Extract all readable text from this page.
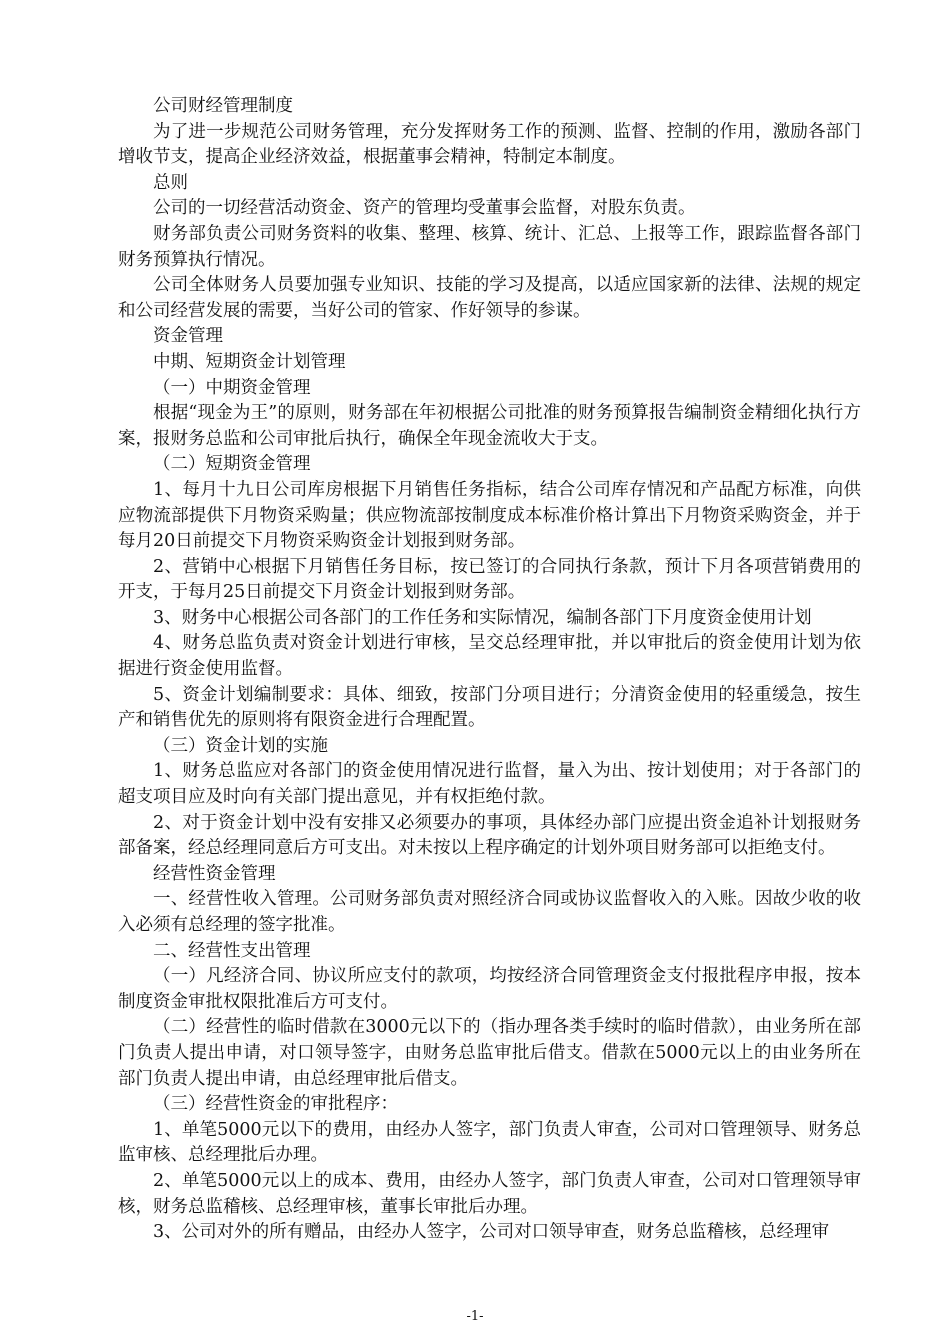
公司财经管理制度

为了进一步规范公司财务管理，充分发挥财务工作的预测、监督、控制的作用，激励各部门增收节支，提高企业经济效益，根据董事会精神，特制定本制度。

总则

公司的一切经营活动资金、资产的管理均受董事会监督，对股东负责。

财务部负责公司财务资料的收集、整理、核算、统计、汇总、上报等工作，跟踪监督各部门财务预算执行情况。

公司全体财务人员要加强专业知识、技能的学习及提高，以适应国家新的法律、法规的规定和公司经营发展的需要，当好公司的管家、作好领导的参谋。

资金管理

中期、短期资金计划管理

（一）中期资金管理

根据“现金为王”的原则，财务部在年初根据公司批准的财务预算报告编制资金精细化执行方案，报财务总监和公司审批后执行，确保全年现金流收大于支。

（二）短期资金管理

1、每月十九日公司库房根据下月销售任务指标，结合公司库存情况和产品配方标准，向供应物流部提供下月物资采购量；供应物流部按制度成本标准价格计算出下月物资采购资金，并于每月20日前提交下月物资采购资金计划报到财务部。

2、营销中心根据下月销售任务目标，按已签订的合同执行条款，预计下月各项营销费用的开支，于每月25日前提交下月资金计划报到财务部。

3、财务中心根据公司各部门的工作任务和实际情况，编制各部门下月度资金使用计划

4、财务总监负责对资金计划进行审核，呈交总经理审批，并以审批后的资金使用计划为依据进行资金使用监督。

5、资金计划编制要求：具体、细致，按部门分项目进行；分清资金使用的轻重缓急，按生产和销售优先的原则将有限资金进行合理配置。

（三）资金计划的实施

1、财务总监应对各部门的资金使用情况进行监督，量入为出、按计划使用；对于各部门的超支项目应及时向有关部门提出意见，并有权拒绝付款。

2、对于资金计划中没有安排又必须要办的事项，具体经办部门应提出资金追补计划报财务部备案，经总经理同意后方可支出。对未按以上程序确定的计划外项目财务部可以拒绝支付。

经营性资金管理

一、经营性收入管理。公司财务部负责对照经济合同或协议监督收入的入账。因故少收的收入必须有总经理的签字批准。

二、经营性支出管理

（一）凡经济合同、协议所应支付的款项，均按经济合同管理资金支付报批程序申报，按本制度资金审批权限批准后方可支付。

（二）经营性的临时借款在3000元以下的（指办理各类手续时的临时借款），由业务所在部门负责人提出申请，对口领导签字，由财务总监审批后借支。借款在5000元以上的由业务所在部门负责人提出申请，由总经理审批后借支。

（三）经营性资金的审批程序：

1、单笔5000元以下的费用，由经办人签字，部门负责人审查，公司对口管理领导、财务总监审核、总经理批后办理。

2、单笔5000元以上的成本、费用，由经办人签字，部门负责人审查，公司对口管理领导审核，财务总监稽核、总经理审核，董事长审批后办理。

3、公司对外的所有赠品，由经办人签字，公司对口领导审查，财务总监稽核，总经理审

-1-
